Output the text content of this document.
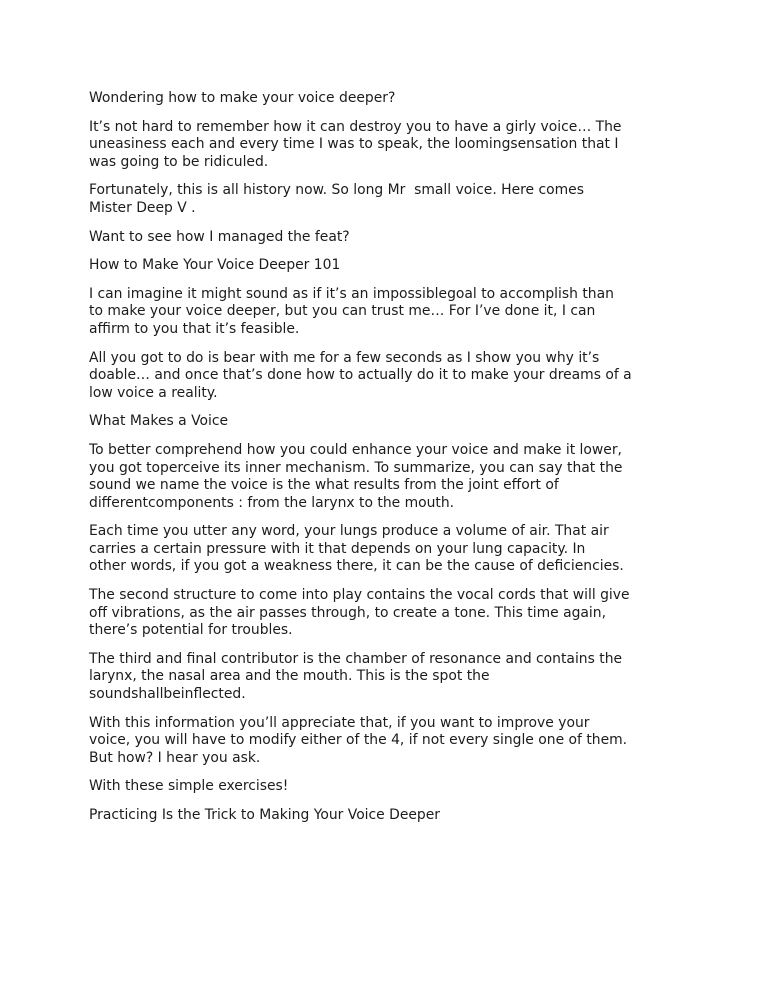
Wondering how to make your voice deeper?

It’s not hard to remember how it can destroy you to have a girly voice… The
uneasiness each and every time I was to speak, the loomingsensation that I
was going to be ridiculed.

Fortunately, this is all history now. So long Mr  small voice. Here comes
Mister Deep V .

Want to see how I managed the feat?

How to Make Your Voice Deeper 101

I can imagine it might sound as if it’s an impossiblegoal to accomplish than
to make your voice deeper, but you can trust me… For I’ve done it, I can
affirm to you that it’s feasible.

All you got to do is bear with me for a few seconds as I show you why it’s
doable… and once that’s done how to actually do it to make your dreams of a
low voice a reality.

What Makes a Voice

To better comprehend how you could enhance your voice and make it lower,
you got toperceive its inner mechanism. To summarize, you can say that the
sound we name the voice is the what results from the joint effort of
differentcomponents : from the larynx to the mouth.

Each time you utter any word, your lungs produce a volume of air. That air
carries a certain pressure with it that depends on your lung capacity. In
other words, if you got a weakness there, it can be the cause of deficiencies.

The second structure to come into play contains the vocal cords that will give
off vibrations, as the air passes through, to create a tone. This time again,
there’s potential for troubles.

The third and final contributor is the chamber of resonance and contains the
larynx, the nasal area and the mouth. This is the spot the
soundshallbeinflected.

With this information you’ll appreciate that, if you want to improve your
voice, you will have to modify either of the 4, if not every single one of them.
But how? I hear you ask.

With these simple exercises!

Practicing Is the Trick to Making Your Voice Deeper
